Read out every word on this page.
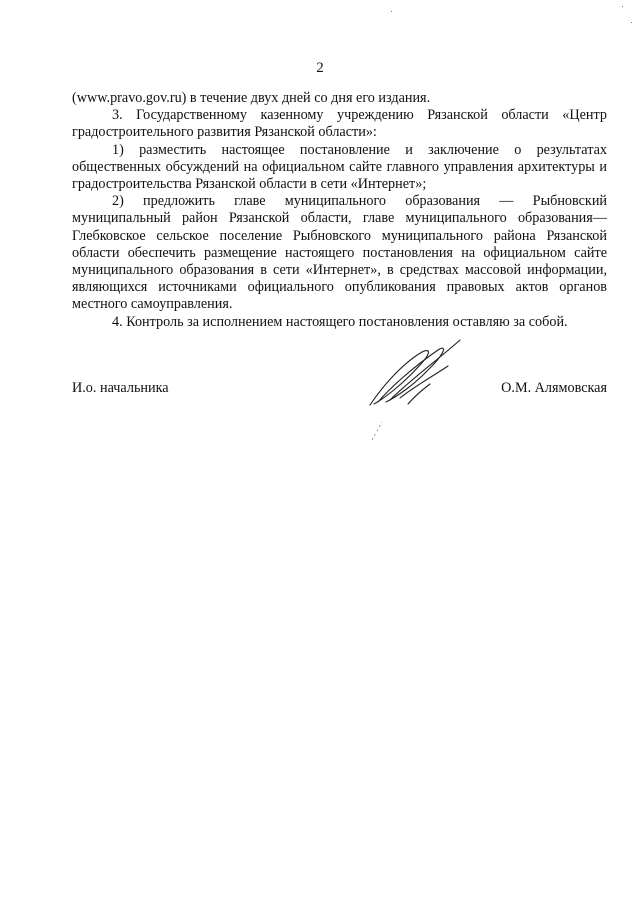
2

(www.pravo.gov.ru) в течение двух дней со дня его издания.

3. Государственному казенному учреждению Рязанской области «Центр градостроительного развития Рязанской области»:

1) разместить настоящее постановление и заключение о результатах общественных обсуждений на официальном сайте главного управления архитектуры и градостроительства Рязанской области в сети «Интернет»;

2) предложить главе муниципального образования — Рыбновский муниципальный район Рязанской области, главе муниципального образования— Глебковское сельское поселение Рыбновского муниципального района Рязанской области обеспечить размещение настоящего постановления на официальном сайте муниципального образования в сети «Интернет», в средствах массовой информации, являющихся источниками официального опубликования правовых актов органов местного самоуправления.

4. Контроль за исполнением настоящего постановления оставляю за собой.

И.о. начальника	О.М. Алямовская
